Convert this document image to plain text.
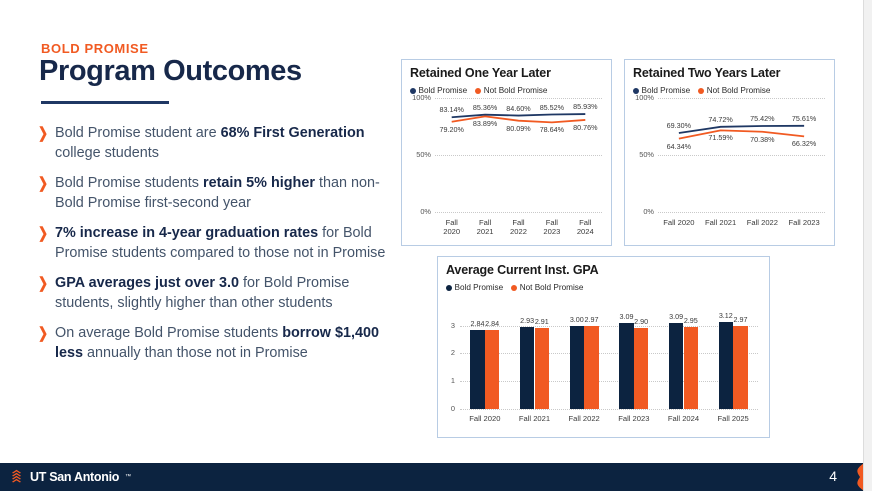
BOLD PROMISE
Program Outcomes
❯ Bold Promise student are 68% First Generation college students
❯ Bold Promise students retain 5% higher than non-Bold Promise first-second year
❯ 7% increase in 4-year graduation rates for Bold Promise students compared to those not in Promise
❯ GPA averages just over 3.0 for Bold Promise students, slightly higher than other students
❯ On average Bold Promise students borrow $1,400 less annually than those not in Promise
Retained One Year Later
Bold Promise Not Bold Promise
100%
50%
0%
Fall
2020
Fall
2021
Fall
2022
Fall
2023
Fall
2024
83.14%	85.36%	84.60%	85.52%	85.93%
79.20%
83.89%	80.09%	78.64%	80.76%
Retained Two Years Later
Bold Promise Not Bold Promise
100%
50%
0%
Fall 2020	Fall 2021	Fall 2022	Fall 2023
69.30%
74.72%	75.42%	75.61%
64.34%
71.59%	70.38%
66.32%
Average Current Inst. GPA
Bold Promise Not Bold Promise
3
2
1
0
2.84 2.84
Fall 2020
2.93 2.91
Fall 2021
3.00 2.97
Fall 2022
3.09
2.90
Fall 2023
3.09 2.95
Fall 2024
3.12 2.97
Fall 2025
UT San Antonio ™	4
